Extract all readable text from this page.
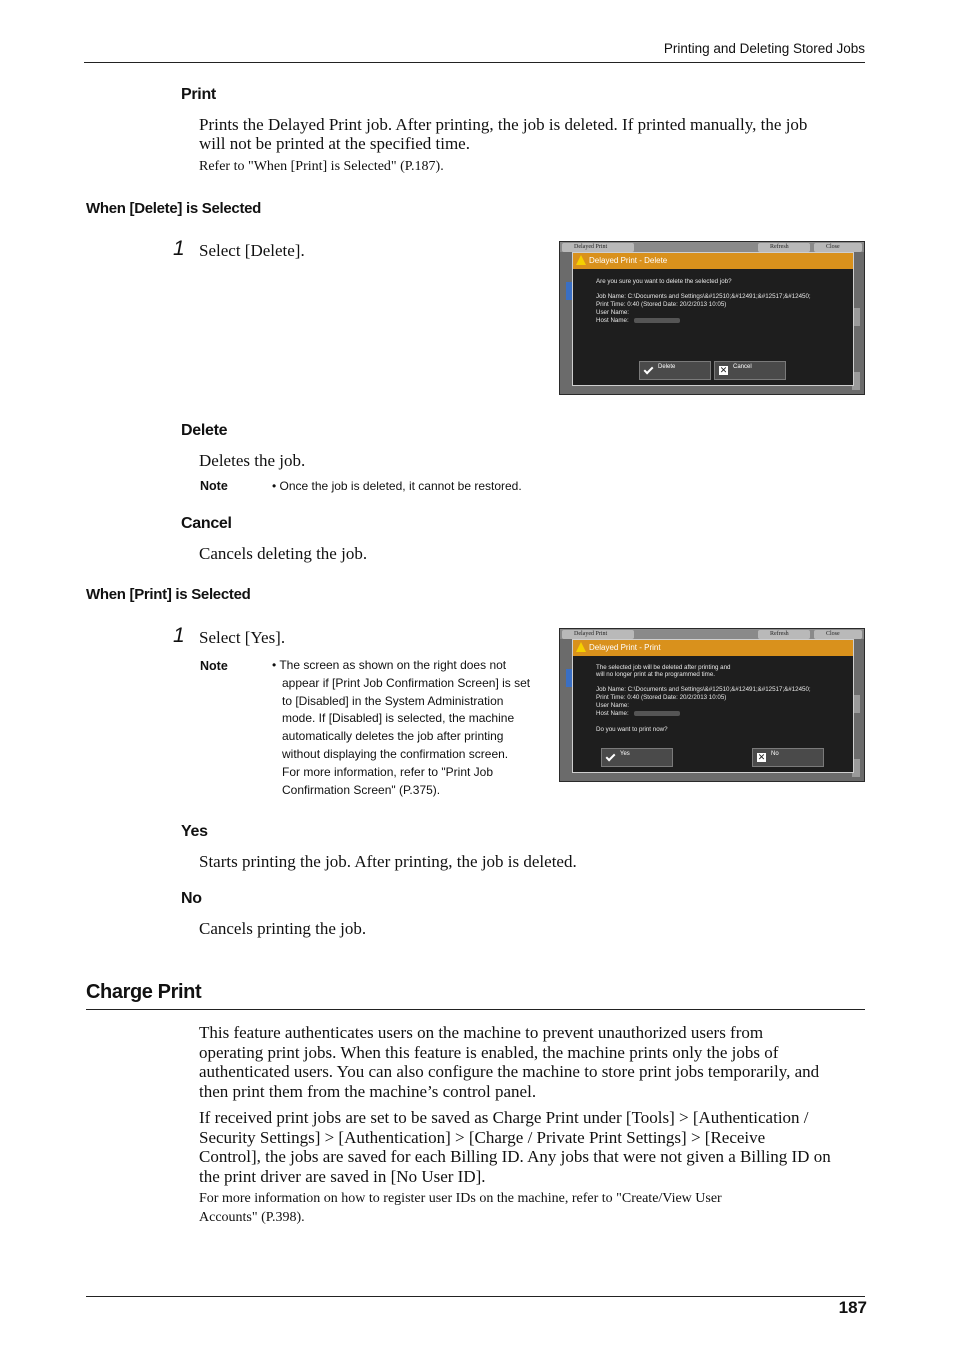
Printing and Deleting Stored Jobs
Print
Prints the Delayed Print job. After printing, the job is deleted. If printed manually, the job
will not be printed at the specified time.
Refer to "When [Print] is Selected" (P.187).
When [Delete] is Selected
1 Select [Delete].	Delayed Print	Refresh	Close
Delayed Print - Delete
Are you sure you want to delete the selected job?
Job Name: C:\Documents and Settings\&#12510;&#12491;&#12517;&#12450;
Print Time: 0:40 (Stored Date: 20/2/2013 10:05)
User Name:
Host Name:
Delete	✕ Cancel
Delete
Deletes the job.
Note	• Once the job is deleted, it cannot be restored.
Cancel
Cancels deleting the job.
When [Print] is Selected
1 Select [Yes].
Note	• The screen as shown on the right does not
appear if [Print Job Confirmation Screen] is set
to [Disabled] in the System Administration
mode. If [Disabled] is selected, the machine
automatically deletes the job after printing
without displaying the confirmation screen.
For more information, refer to "Print Job
Confirmation Screen" (P.375).
Delayed Print	Refresh	Close
Delayed Print - Print
The selected job will be deleted after printing and
will no longer print at the programmed time.
Job Name: C:\Documents and Settings\&#12510;&#12491;&#12517;&#12450;
Print Time: 0:40 (Stored Date: 20/2/2013 10:05)
User Name:
Host Name:
Do you want to print now?
Yes	✕ No
Yes
Starts printing the job. After printing, the job is deleted.
No
Cancels printing the job.
Charge Print
This feature authenticates users on the machine to prevent unauthorized users from
operating print jobs. When this feature is enabled, the machine prints only the jobs of
authenticated users. You can also configure the machine to store print jobs temporarily, and
then print them from the machine’s control panel.
If received print jobs are set to be saved as Charge Print under [Tools] > [Authentication /
Security Settings] > [Authentication] > [Charge / Private Print Settings] > [Receive
Control], the jobs are saved for each Billing ID. Any jobs that were not given a Billing ID on
the print driver are saved in [No User ID].
For more information on how to register user IDs on the machine, refer to "Create/View User
Accounts" (P.398).
187
